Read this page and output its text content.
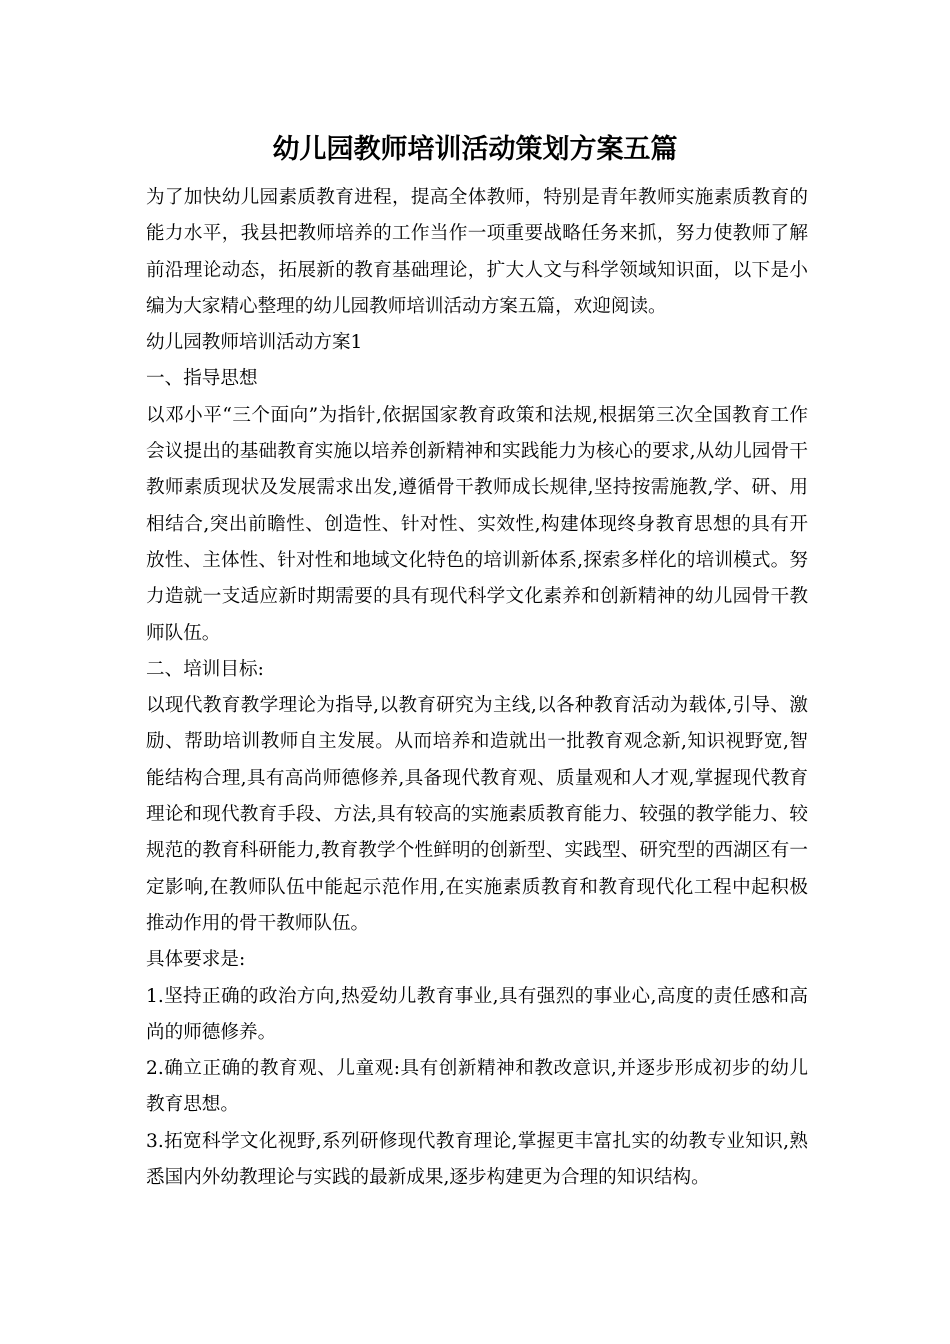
幼儿园教师培训活动策划方案五篇

为了加快幼儿园素质教育进程，提高全体教师，特别是青年教师实施素质教育的能力水平，我县把教师培养的工作当作一项重要战略任务来抓，努力使教师了解前沿理论动态，拓展新的教育基础理论，扩大人文与科学领域知识面，以下是小编为大家精心整理的幼儿园教师培训活动方案五篇，欢迎阅读。

幼儿园教师培训活动方案1

一、指导思想

以邓小平“三个面向”为指针,依据国家教育政策和法规,根据第三次全国教育工作会议提出的基础教育实施以培养创新精神和实践能力为核心的要求,从幼儿园骨干教师素质现状及发展需求出发,遵循骨干教师成长规律,坚持按需施教,学、研、用相结合,突出前瞻性、创造性、针对性、实效性,构建体现终身教育思想的具有开放性、主体性、针对性和地域文化特色的培训新体系,探索多样化的培训模式。努力造就一支适应新时期需要的具有现代科学文化素养和创新精神的幼儿园骨干教师队伍。

二、培训目标:

以现代教育教学理论为指导,以教育研究为主线,以各种教育活动为载体,引导、激励、帮助培训教师自主发展。从而培养和造就出一批教育观念新,知识视野宽,智能结构合理,具有高尚师德修养,具备现代教育观、质量观和人才观,掌握现代教育理论和现代教育手段、方法,具有较高的实施素质教育能力、较强的教学能力、较规范的教育科研能力,教育教学个性鲜明的创新型、实践型、研究型的西湖区有一定影响,在教师队伍中能起示范作用,在实施素质教育和教育现代化工程中起积极推动作用的骨干教师队伍。

具体要求是:

1.坚持正确的政治方向,热爱幼儿教育事业,具有强烈的事业心,高度的责任感和高尚的师德修养。

2.确立正确的教育观、儿童观:具有创新精神和教改意识,并逐步形成初步的幼儿教育思想。

3.拓宽科学文化视野,系列研修现代教育理论,掌握更丰富扎实的幼教专业知识,熟悉国内外幼教理论与实践的最新成果,逐步构建更为合理的知识结构。
